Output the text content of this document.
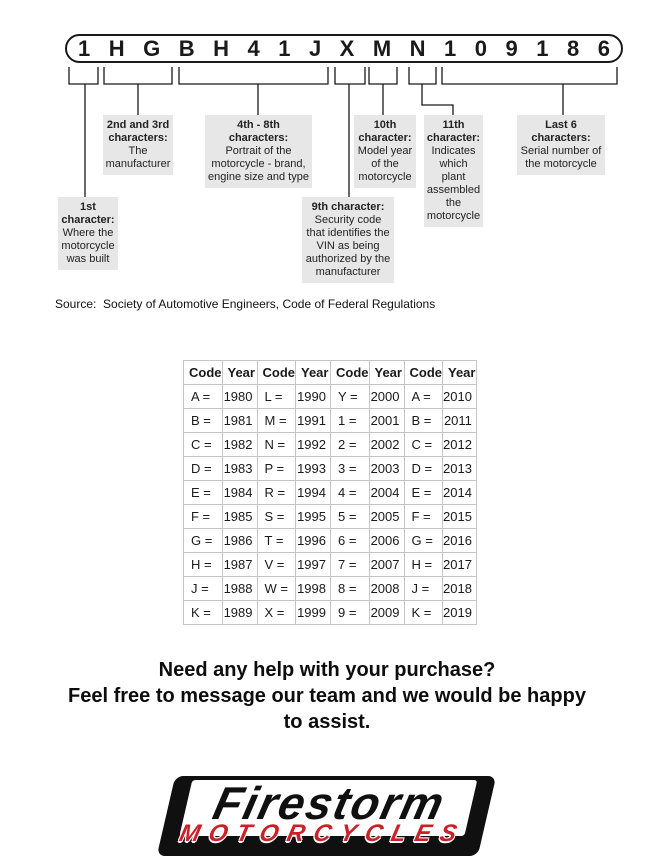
1 H G B H 4 1 J X M N 1 0 9 1 8 6
1st character:
Where the motorcycle was built
2nd and 3rd characters:
The manufacturer
4th - 8th characters:
Portrait of the motorcycle - brand, engine size and type
9th character:
Security code that identifies the VIN as being authorized by the manufacturer
10th character:
Model year of the motorcycle
11th character:
Indicates which plant assembled the motorcycle
Last 6 characters:
Serial number of the motorcycle
Source:  Society of Automotive Engineers, Code of Federal Regulations
Code	Year	Code	Year	Code	Year	Code	Year
A =	1980	L =	1990	Y =	2000	A =	2010
B =	1981	M =	1991	1 =	2001	B =	2011
C =	1982	N =	1992	2 =	2002	C =	2012
D =	1983	P =	1993	3 =	2003	D =	2013
E =	1984	R =	1994	4 =	2004	E =	2014
F =	1985	S =	1995	5 =	2005	F =	2015
G =	1986	T =	1996	6 =	2006	G =	2016
H =	1987	V =	1997	7 =	2007	H =	2017
J =	1988	W =	1998	8 =	2008	J =	2018
K =	1989	X =	1999	9 =	2009	K =	2019
Need any help with your purchase?
Feel free to message our team and we would be happy to assist.
Firestorm
MOTORCYCLES
